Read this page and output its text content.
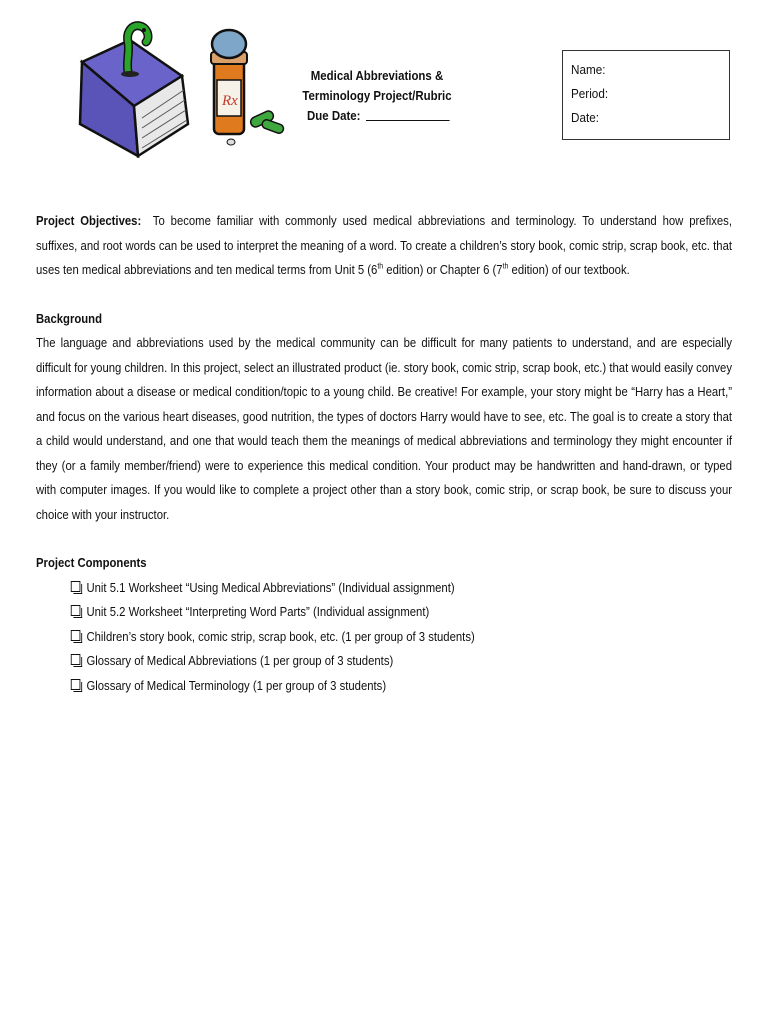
Rx
Medical Abbreviations &
Terminology Project/Rubric
Due Date:
Name:
Period:
Date:

Project Objectives: To become familiar with commonly used medical abbreviations and terminology. To understand how prefixes, suffixes, and root words can be used to interpret the meaning of a word. To create a children’s story book, comic strip, scrap book, etc. that uses ten medical abbreviations and ten medical terms from Unit 5 (6th edition) or Chapter 6 (7th edition) of our textbook.

Background

The language and abbreviations used by the medical community can be difficult for many patients to understand, and are especially difficult for young children. In this project, select an illustrated product (ie. story book, comic strip, scrap book, etc.) that would easily convey information about a disease or medical condition/topic to a young child. Be creative! For example, your story might be “Harry has a Heart,” and focus on the various heart diseases, good nutrition, the types of doctors Harry would have to see, etc. The goal is to create a story that a child would understand, and one that would teach them the meanings of medical abbreviations and terminology they might encounter if they (or a family member/friend) were to experience this medical condition. Your product may be handwritten and hand-drawn, or typed with computer images. If you would like to complete a project other than a story book, comic strip, or scrap book, be sure to discuss your choice with your instructor.

Project Components

Unit 5.1 Worksheet “Using Medical Abbreviations” (Individual assignment)
Unit 5.2 Worksheet “Interpreting Word Parts” (Individual assignment)
Children’s story book, comic strip, scrap book, etc. (1 per group of 3 students)
Glossary of Medical Abbreviations (1 per group of 3 students)
Glossary of Medical Terminology (1 per group of 3 students)
